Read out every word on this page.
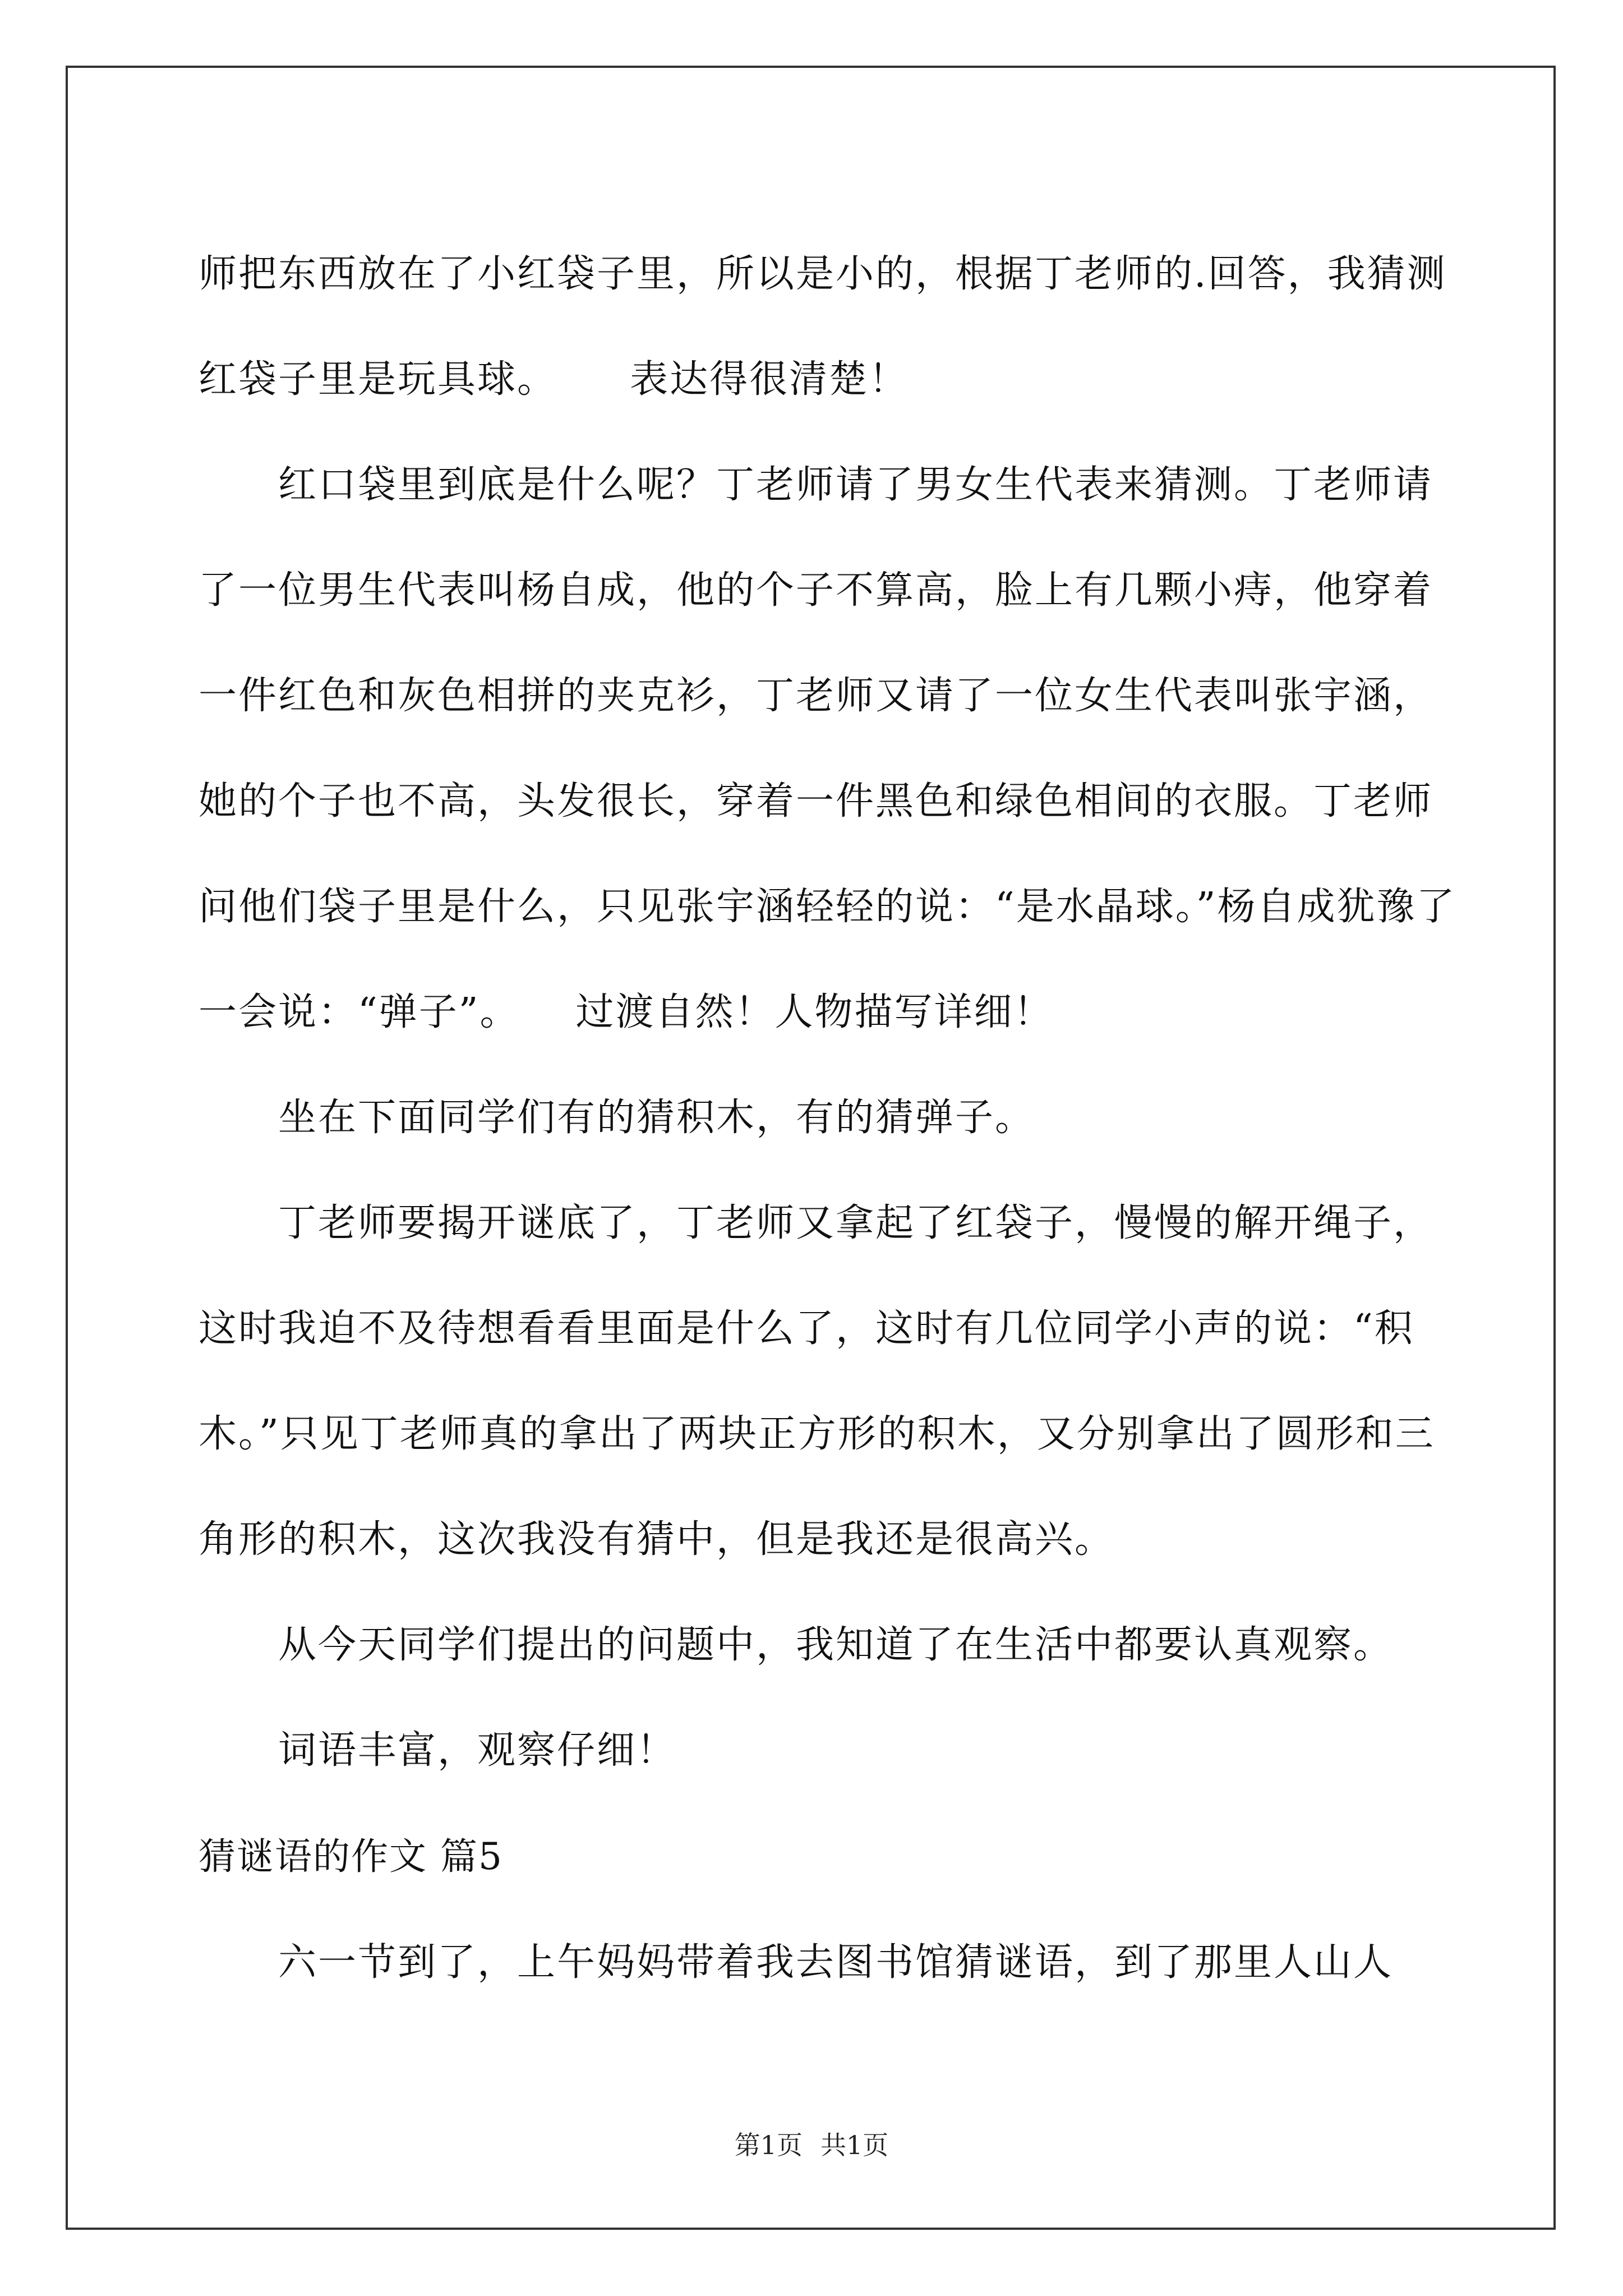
师把东西放在了小红袋子里，所以是小的，根据丁老师的.回答，我猜测红袋子里是玩具球。 表达得很清楚！

红口袋里到底是什么呢？丁老师请了男女生代表来猜测。丁老师请了一位男生代表叫杨自成，他的个子不算高，脸上有几颗小痔，他穿着一件红色和灰色相拼的夹克衫，丁老师又请了一位女生代表叫张宇涵，她的个子也不高，头发很长，穿着一件黑色和绿色相间的衣服。丁老师问他们袋子里是什么，只见张宇涵轻轻的说：“是水晶球。”杨自成犹豫了一会说：“弹子”。 过渡自然！人物描写详细！

坐在下面同学们有的猜积木，有的猜弹子。

丁老师要揭开谜底了，丁老师又拿起了红袋子，慢慢的解开绳子，这时我迫不及待想看看里面是什么了，这时有几位同学小声的说：“积木。”只见丁老师真的拿出了两块正方形的积木，又分别拿出了圆形和三角形的积木，这次我没有猜中，但是我还是很高兴。

从今天同学们提出的问题中，我知道了在生活中都要认真观察。

词语丰富，观察仔细！

猜谜语的作文 篇5

六一节到了，上午妈妈带着我去图书馆猜谜语，到了那里人山人

第1页 共1页
